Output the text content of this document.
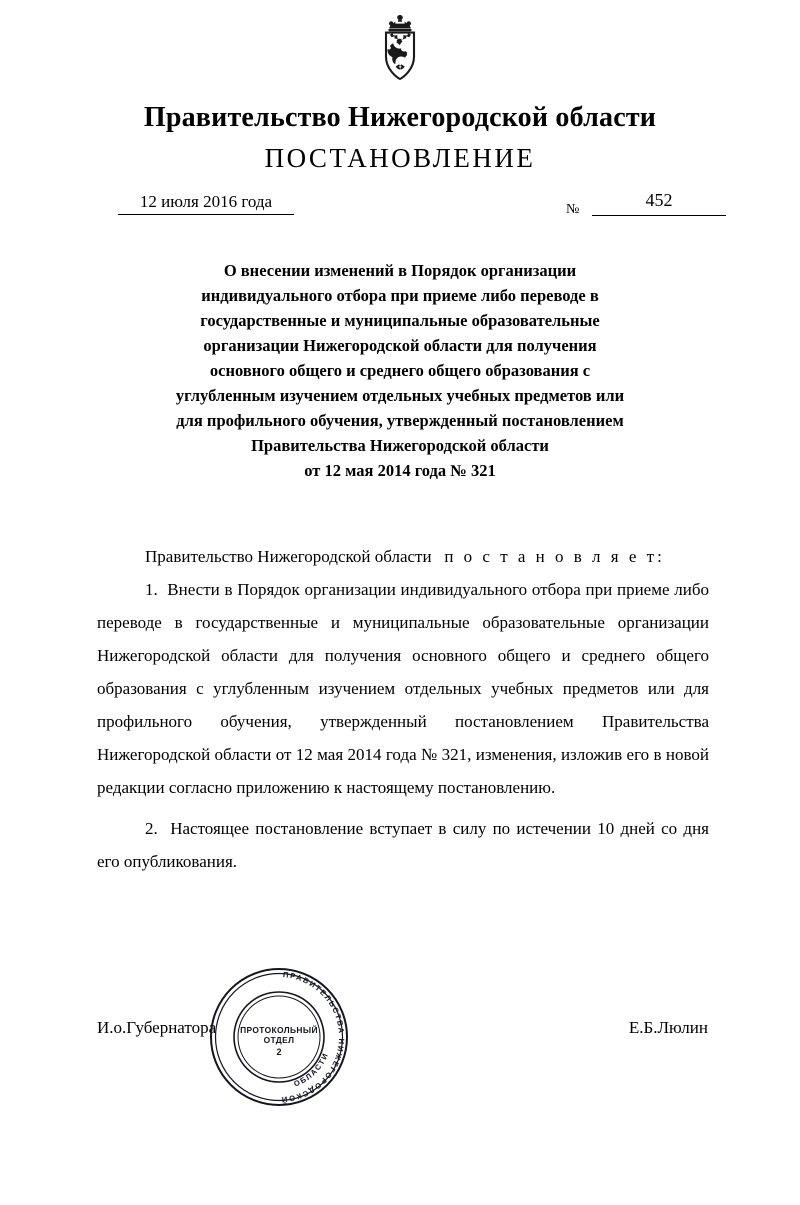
Правительство Нижегородской области
ПОСТАНОВЛЕНИЕ
12 июля 2016 года	№	452
О внесении изменений в Порядок организации
индивидуального отбора при приеме либо переводе в
государственные и муниципальные образовательные
организации Нижегородской области для получения
основного общего и среднего общего образования с
углубленным изучением отдельных учебных предметов или
для профильного обучения, утвержденный постановлением
Правительства Нижегородской области
от 12 мая 2014 года № 321

Правительство Нижегородской области п о с т а н о в л я е т:

1.  Внести в Порядок организации индивидуального отбора при приеме либо переводе в государственные и муниципальные образовательные организации Нижегородской области для получения основного общего и среднего общего образования с углубленным изучением отдельных учебных предметов или для профильного обучения, утвержденный постановлением Правительства Нижегородской области от 12 мая 2014 года № 321, изменения, изложив его в новой редакции согласно приложению к настоящему постановлению.

2.  Настоящее постановление вступает в силу по истечении 10 дней со дня его опубликования.

И.о.Губернатора	Е.Б.Люлин
ПРАВИТЕЛЬСТВА НИЖЕГОРОДСКОЙ
ОБЛАСТИ
ПРОТОКОЛЬНЫЙ
ОТДЕЛ
2
